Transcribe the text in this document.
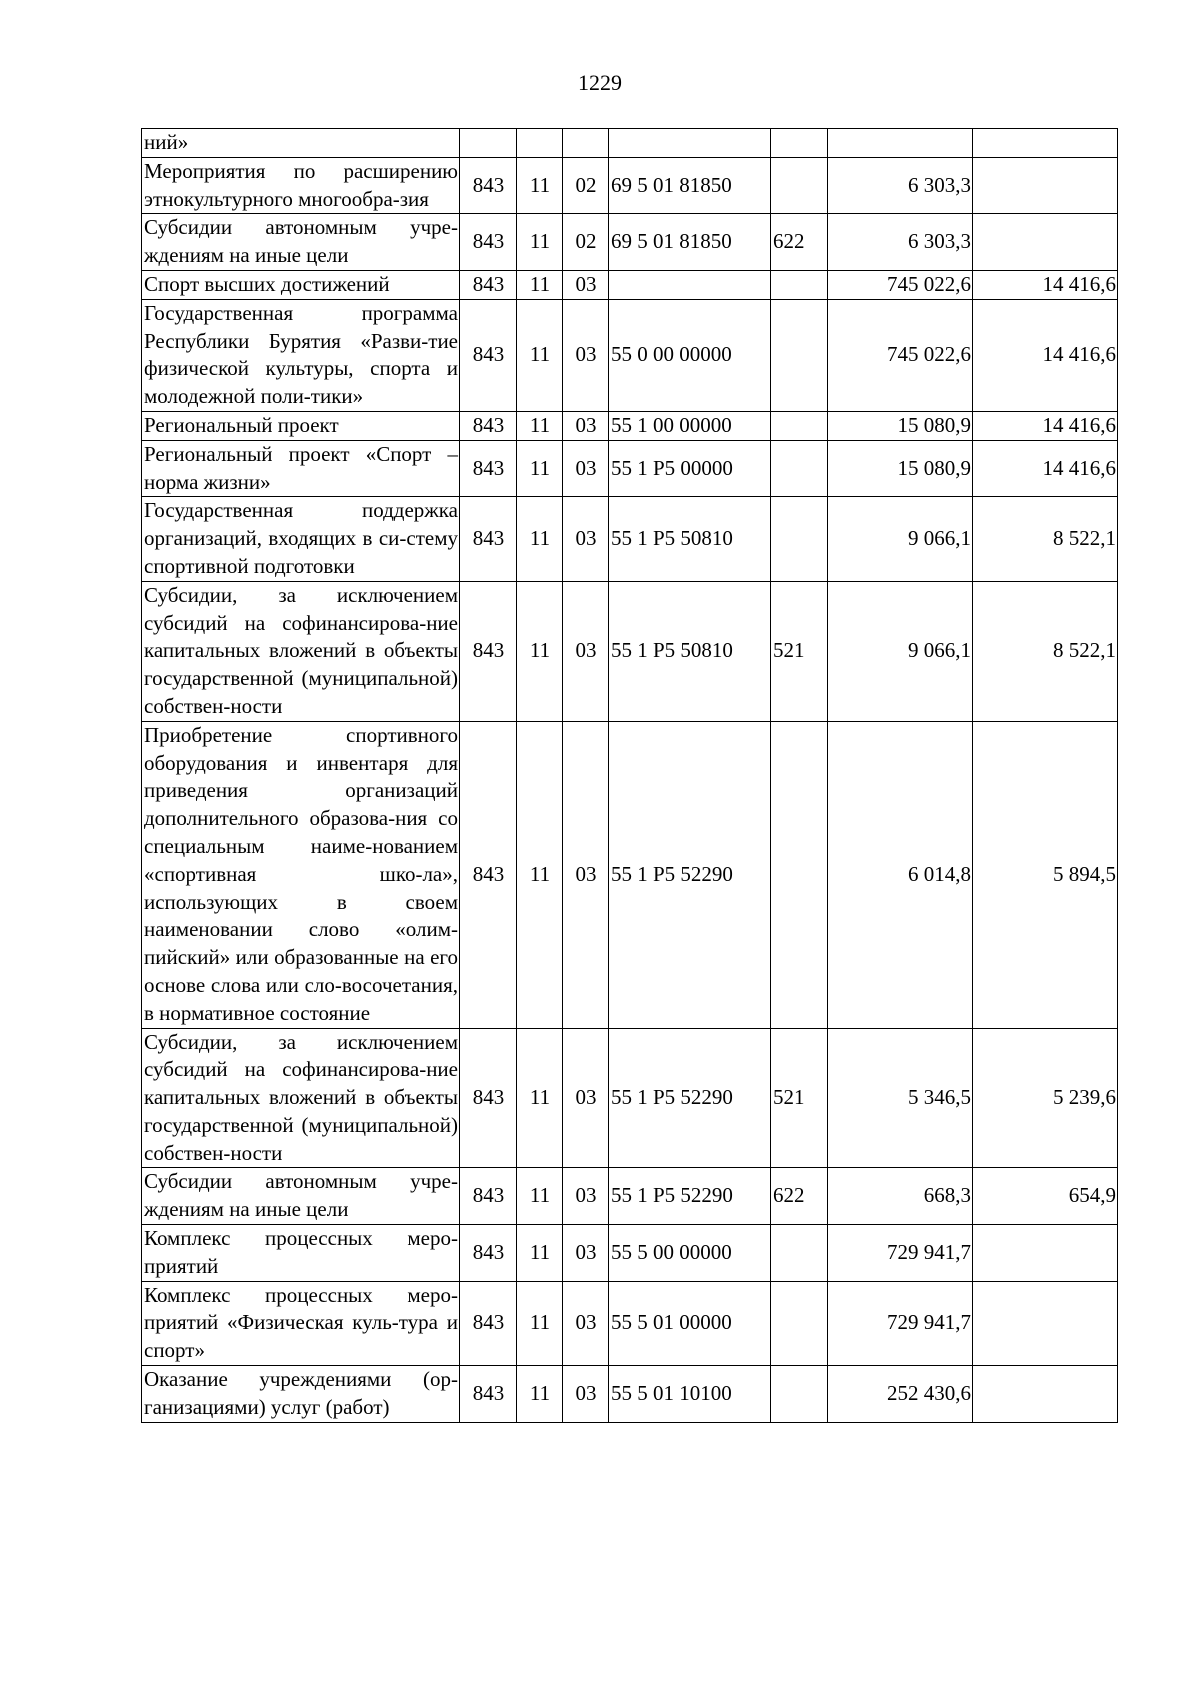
1229
ний»							
Мероприятия по расширению этнокультурного многообра-зия	843	11	02	69 5 01 81850		6 303,3	
Субсидии автономным учре-ждениям на иные цели	843	11	02	69 5 01 81850	622	6 303,3	
Спорт высших достижений	843	11	03			745 022,6	14 416,6
Государственная программа Республики Бурятия «Разви-тие физической культуры, спорта и молодежной поли-тики»	843	11	03	55 0 00 00000		745 022,6	14 416,6
Региональный проект	843	11	03	55 1 00 00000		15 080,9	14 416,6
Региональный проект «Спорт – норма жизни»	843	11	03	55 1 P5 00000		15 080,9	14 416,6
Государственная поддержка организаций, входящих в си-стему спортивной подготовки	843	11	03	55 1 P5 50810		9 066,1	8 522,1
Субсидии, за исключением субсидий на софинансирова-ние капитальных вложений в объекты государственной (муниципальной) собствен-ности	843	11	03	55 1 P5 50810	521	9 066,1	8 522,1
Приобретение спортивного оборудования и инвентаря для приведения организаций дополнительного образова-ния со специальным наиме-нованием «спортивная шко-ла», использующих в своем наименовании слово «олим-пийский» или образованные на его основе слова или сло-восочетания, в нормативное состояние	843	11	03	55 1 P5 52290		6 014,8	5 894,5
Субсидии, за исключением субсидий на софинансирова-ние капитальных вложений в объекты государственной (муниципальной) собствен-ности	843	11	03	55 1 P5 52290	521	5 346,5	5 239,6
Субсидии автономным учре-ждениям на иные цели	843	11	03	55 1 P5 52290	622	668,3	654,9
Комплекс процессных меро-приятий	843	11	03	55 5 00 00000		729 941,7	
Комплекс процессных меро-приятий «Физическая куль-тура и спорт»	843	11	03	55 5 01 00000		729 941,7	
Оказание учреждениями (ор-ганизациями) услуг (работ)	843	11	03	55 5 01 10100		252 430,6	
